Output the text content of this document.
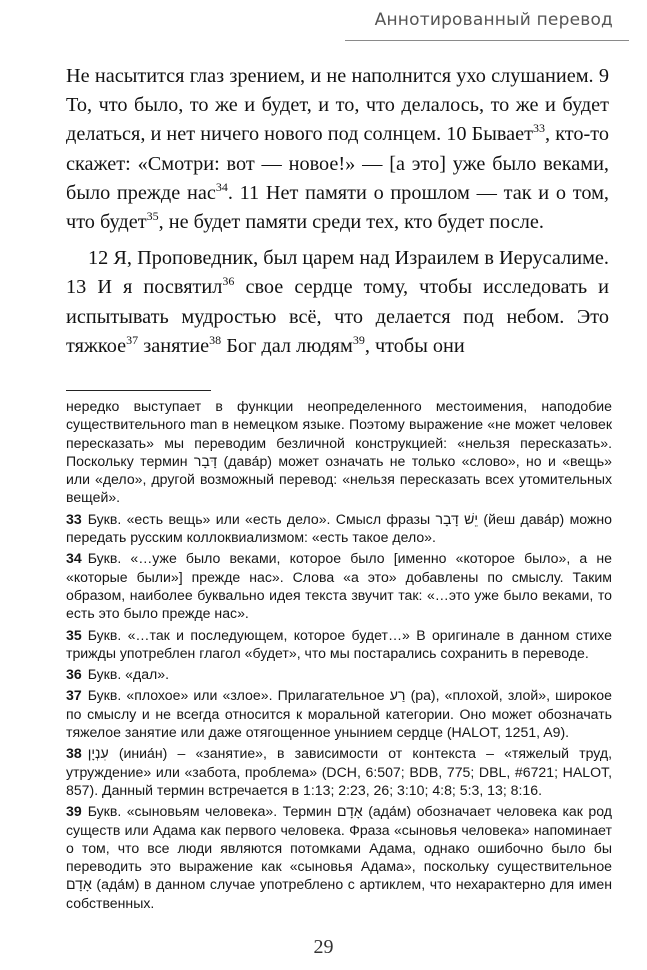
Аннотированный перевод

Не насытится глаз зрением, и не наполнится ухо слушанием. 9 То, что было, то же и будет, и то, что делалось, то же и будет делаться, и нет ничего нового под солнцем. 10 Бывает$^{33}$, кто-то скажет: «Смотри: вот — новое!» — [а это] уже было веками, было прежде нас$^{34}$. 11 Нет памяти о прошлом — так и о том, что будет$^{35}$, не будет памяти среди тех, кто будет после.

12 Я, Проповедник, был царем над Израилем в Иерусалиме. 13 И я посвятил$^{36}$ свое сердце тому, чтобы исследовать и испытывать мудростью всё, что делается под небом. Это тяжкое$^{37}$ занятие$^{38}$ Бог дал людям$^{39}$, чтобы они

нередко выступает в функции неопределенного местоимения, наподобие существительного man в немецком языке. Поэтому выражение «не может человек пересказать» мы переводим безличной конструкцией: «нельзя пересказать». Поскольку термин דָּבָר (дава́р) может означать не только «слово», но и «вещь» или «дело», другой возможный перевод: «нельзя пересказать всех утомительных вещей».

33 Букв. «есть вещь» или «есть дело». Смысл фразы יֵשׁ דָּבָר (йеш дава́р) можно передать русским коллоквиализмом: «есть такое дело».

34 Букв. «…уже было веками, которое было [именно «которое было», а не «которые были»] прежде нас». Слова «а это» добавлены по смыслу. Таким образом, наиболее буквально идея текста звучит так: «…это уже было веками, то есть это было прежде нас».

35 Букв. «…так и последующем, которое будет…» В оригинале в данном стихе трижды употреблен глагол «будет», что мы постарались сохранить в переводе.

36 Букв. «дал».

37 Букв. «плохое» или «злое». Прилагательное רַע (ра), «плохой, злой», широкое по смыслу и не всегда относится к моральной категории. Оно может обозначать тяжелое занятие или даже отягощенное унынием сердце (HALOT, 1251, A9).

38 עִנְיָן (иниа́н) – «занятие», в зависимости от контекста – «тяжелый труд, утруждение» или «забота, проблема» (DCH, 6:507; BDB, 775; DBL, #6721; HALOT, 857). Данный термин встречается в 1:13; 2:23, 26; 3:10; 4:8; 5:3, 13; 8:16.

39 Букв. «сыновьям человека». Термин אָדָם (ада́м) обозначает человека как род существ или Адама как первого человека. Фраза «сыновья человека» напоминает о том, что все люди являются потомками Адама, однако ошибочно было бы переводить это выражение как «сыновья Адама», поскольку существительное אָדָם (ада́м) в данном случае употреблено с артиклем, что нехарактерно для имен собственных.

29
